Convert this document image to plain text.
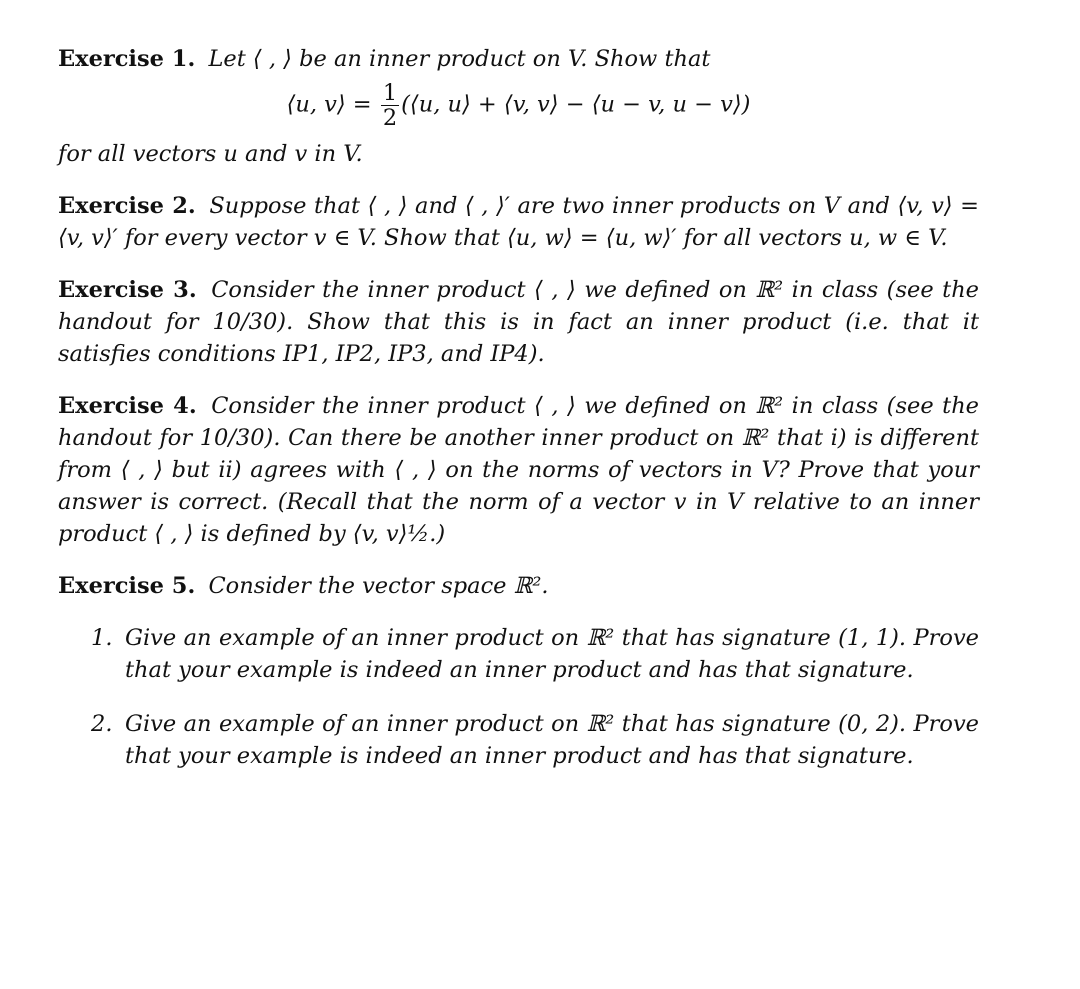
Exercise 1. Let ⟨ , ⟩ be an inner product on V. Show that
⟨u, v⟩ = $\frac{1}{2}$ (⟨u, u⟩ + ⟨v, v⟩ − ⟨u − v, u − v⟩)
for all vectors u and v in V.
Exercise 2. Suppose that ⟨ , ⟩ and ⟨ , ⟩′ are two inner products on V and ⟨v, v⟩ = ⟨v, v⟩′ for every vector v ∈ V. Show that ⟨u, w⟩ = ⟨u, w⟩′ for all vectors u, w ∈ V.
Exercise 3. Consider the inner product ⟨ , ⟩ we defined on ℝ² in class (see the handout for 10/30). Show that this is in fact an inner product (i.e. that it satisfies conditions IP1, IP2, IP3, and IP4).
Exercise 4. Consider the inner product ⟨ , ⟩ we defined on ℝ² in class (see the handout for 10/30). Can there be another inner product on ℝ² that i) is different from ⟨ , ⟩ but ii) agrees with ⟨ , ⟩ on the norms of vectors in V? Prove that your answer is correct. (Recall that the norm of a vector v in V relative to an inner product ⟨ , ⟩ is defined by ⟨v, v⟩½.)
Exercise 5. Consider the vector space ℝ².
1. Give an example of an inner product on ℝ² that has signature (1, 1). Prove that your example is indeed an inner product and has that signature.
2. Give an example of an inner product on ℝ² that has signature (0, 2). Prove that your example is indeed an inner product and has that signature.
